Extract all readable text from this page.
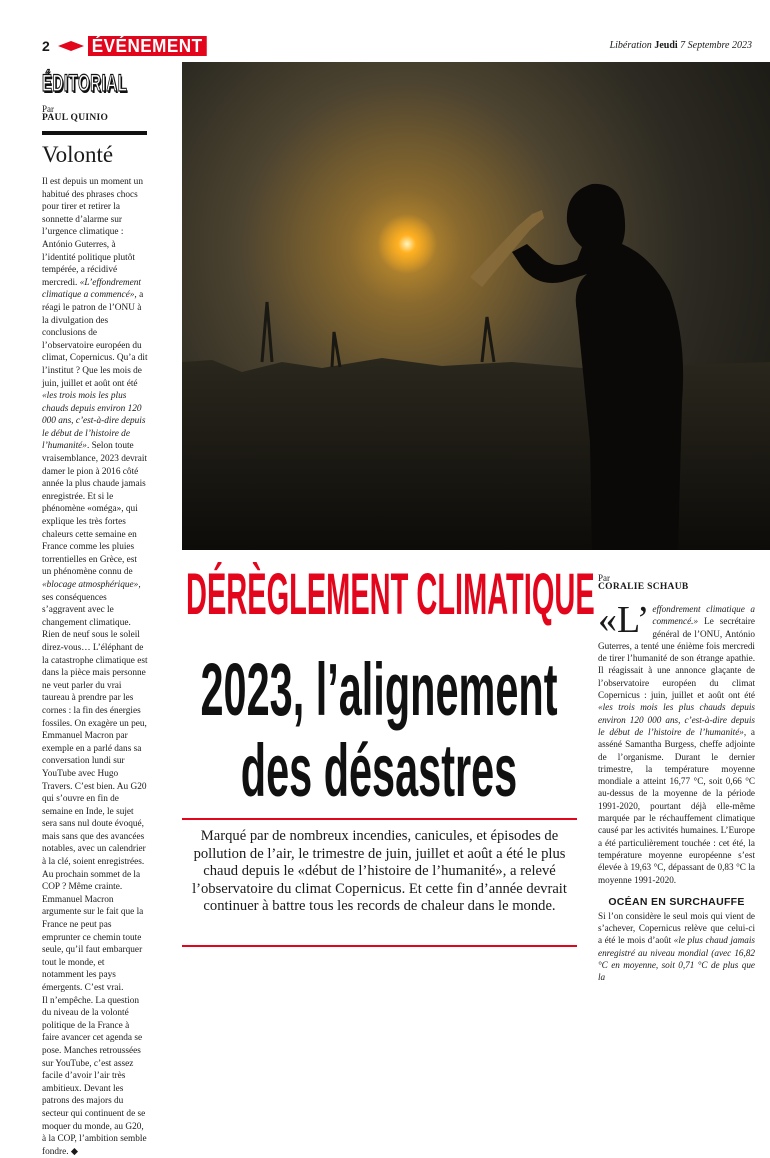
2 ÉVÉNEMENT	Libération Jeudi 7 Septembre 2023
ÉDITORIAL
Par
PAUL QUINIO
Volonté
Il est depuis un moment un habitué des phrases chocs pour tirer et retirer la sonnette d’alarme sur l’urgence climatique : António Guterres, à l’identité politique plutôt tempérée, a récidivé mercredi. «L’effondrement climatique a commencé», a réagi le patron de l’ONU à la divulgation des conclusions de l’observatoire européen du climat, Copernicus. Qu’a dit l’institut ? Que les mois de juin, juillet et août ont été «les trois mois les plus chauds depuis environ 120 000 ans, c’est-à-dire depuis le début de l’histoire de l’humanité». Selon toute vraisemblance, 2023 devrait damer le pion à 2016 côté année la plus chaude jamais enregistrée. Et si le phénomène «oméga», qui explique les très fortes chaleurs cette semaine en France comme les pluies torrentielles en Grèce, est un phénomène connu de «blocage atmosphérique», ses conséquences s’aggravent avec le changement climatique.
Rien de neuf sous le soleil direz-vous… L’éléphant de la catastrophe climatique est dans la pièce mais personne ne veut parler du vrai taureau à prendre par les cornes : la fin des énergies fossiles. On exagère un peu, Emmanuel Macron par exemple en a parlé dans sa conversation lundi sur YouTube avec Hugo Travers. C’est bien. Au G20 qui s’ouvre en fin de semaine en Inde, le sujet sera sans nul doute évoqué, mais sans que des avancées notables, avec un calendrier à la clé, soient enregistrées. Au prochain sommet de la COP ? Même crainte. Emmanuel Macron argumente sur le fait que la France ne peut pas emprunter ce chemin toute seule, qu’il faut embarquer tout le monde, et notamment les pays émergents. C’est vrai.
Il n’empêche. La question du niveau de la volonté politique de la France à faire avancer cet agenda se pose. Manches retroussées sur YouTube, c’est assez facile d’avoir l’air très ambitieux. Devant les patrons des majors du secteur qui continuent de se moquer du monde, au G20, à la COP, l’ambition semble fondre. ◆
DÉRÈGLEMENT CLIMATIQUE
2023, l’alignement
des désastres
Marqué par de nombreux incendies, canicules, et épisodes de pollution de l’air, le trimestre de juin, juillet et août a été le plus chaud depuis le «début de l’histoire de l’humanité», a relevé l’observatoire du climat Copernicus. Et cette fin d’année devrait continuer à battre tous les records de chaleur dans le monde.
Par
CORALIE SCHAUB
«L’ effondrement climatique a commencé.» Le secrétaire général de l’ONU, António Guterres, a tenté une énième fois mercredi de tirer l’humanité de son étrange apathie. Il réagissait à une annonce glaçante de l’observatoire européen du climat Copernicus : juin, juillet et août ont été «les trois mois les plus chauds depuis environ 120 000 ans, c’est-à-dire depuis le début de l’histoire de l’humanité», a asséné Samantha Burgess, cheffe adjointe de l’organisme. Durant le dernier trimestre, la température moyenne mondiale a atteint 16,77 °C, soit 0,66 °C au-dessus de la moyenne de la période 1991-2020, pourtant déjà elle-même marquée par le réchauffement climatique causé par les activités humaines. L’Europe a été particulièrement touchée : cet été, la température moyenne européenne s’est élevée à 19,63 °C, dépassant de 0,83 °C la moyenne 1991-2020.
OCÉAN EN SURCHAUFFE
Si l’on considère le seul mois qui vient de s’achever, Copernicus relève que celui-ci a été le mois d’août «le plus chaud jamais enregistré au niveau mondial (avec 16,82 °C en moyenne, soit 0,71 °C de plus que la
